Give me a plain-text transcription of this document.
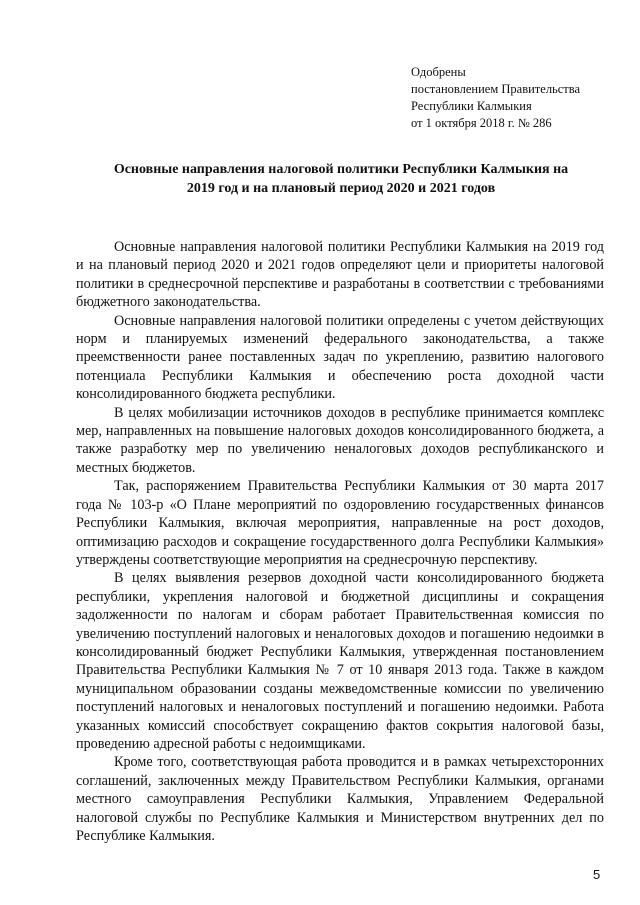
Одобрены
постановлением Правительства
Республики Калмыкия
от 1 октября 2018 г. № 286
Основные направления налоговой политики Республики Калмыкия на
2019 год и на плановый период 2020 и 2021 годов

Основные направления налоговой политики Республики Калмыкия на 2019 год и на плановый период 2020 и 2021 годов определяют цели и приоритеты налоговой политики в среднесрочной перспективе и разработаны в соответствии с требованиями бюджетного законодательства.

Основные направления налоговой политики определены с учетом действующих норм и планируемых изменений федерального законодательства, а также преемственности ранее поставленных задач по укреплению, развитию налогового потенциала Республики Калмыкия и обеспечению роста доходной части консолидированного бюджета республики.

В целях мобилизации источников доходов в республике принимается комплекс мер, направленных на повышение налоговых доходов консолидированного бюджета, а также разработку мер по увеличению неналоговых доходов республиканского и местных бюджетов.

Так, распоряжением Правительства Республики Калмыкия от 30 марта 2017 года № 103-р «О Плане мероприятий по оздоровлению государственных финансов Республики Калмыкия, включая мероприятия, направленные на рост доходов, оптимизацию расходов и сокращение государственного долга Республики Калмыкия» утверждены соответствующие мероприятия на среднесрочную перспективу.

В целях выявления резервов доходной части консолидированного бюджета республики, укрепления налоговой и бюджетной дисциплины и сокращения задолженности по налогам и сборам работает Правительственная комиссия по увеличению поступлений налоговых и неналоговых доходов и погашению недоимки в консолидированный бюджет Республики Калмыкия, утвержденная постановлением Правительства Республики Калмыкия № 7 от 10 января 2013 года. Также в каждом муниципальном образовании созданы межведомственные комиссии по увеличению поступлений налоговых и неналоговых поступлений и погашению недоимки. Работа указанных комиссий способствует сокращению фактов сокрытия налоговой базы, проведению адресной работы с недоимщиками.

Кроме того, соответствующая работа проводится и в рамках четырехсторонних соглашений, заключенных между Правительством Республики Калмыкия, органами местного самоуправления Республики Калмыкия, Управлением Федеральной налоговой службы по Республике Калмыкия и Министерством внутренних дел по Республике Калмыкия.

5
